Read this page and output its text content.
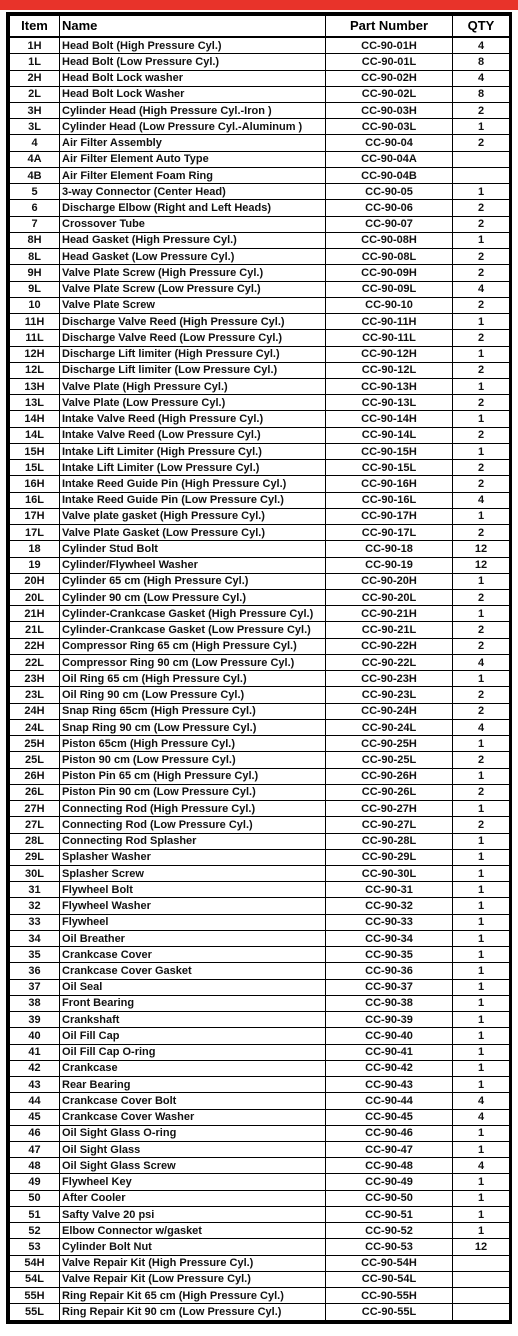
Item	Name	Part Number	QTY
1H	Head Bolt (High Pressure Cyl.)	CC-90-01H	4
1L	Head Bolt (Low Pressure Cyl.)	CC-90-01L	8
2H	Head Bolt Lock washer	CC-90-02H	4
2L	Head Bolt Lock Washer	CC-90-02L	8
3H	Cylinder Head (High Pressure Cyl.-Iron )	CC-90-03H	2
3L	Cylinder Head (Low Pressure Cyl.-Aluminum )	CC-90-03L	1
4	Air Filter Assembly	CC-90-04	2
4A	Air Filter Element Auto Type	CC-90-04A	
4B	Air Filter Element Foam Ring	CC-90-04B	
5	3-way Connector (Center Head)	CC-90-05	1
6	Discharge Elbow (Right and Left Heads)	CC-90-06	2
7	Crossover Tube	CC-90-07	2
8H	Head Gasket (High Pressure Cyl.)	CC-90-08H	1
8L	Head Gasket (Low Pressure Cyl.)	CC-90-08L	2
9H	Valve Plate Screw (High Pressure Cyl.)	CC-90-09H	2
9L	Valve Plate Screw (Low Pressure Cyl.)	CC-90-09L	4
10	Valve Plate Screw	CC-90-10	2
11H	Discharge Valve Reed (High Pressure Cyl.)	CC-90-11H	1
11L	Discharge Valve Reed (Low Pressure Cyl.)	CC-90-11L	2
12H	Discharge Lift limiter (High Pressure Cyl.)	CC-90-12H	1
12L	Discharge Lift limiter (Low Pressure Cyl.)	CC-90-12L	2
13H	Valve Plate (High Pressure Cyl.)	CC-90-13H	1
13L	Valve Plate (Low Pressure Cyl.)	CC-90-13L	2
14H	Intake Valve Reed (High Pressure Cyl.)	CC-90-14H	1
14L	Intake Valve Reed (Low Pressure Cyl.)	CC-90-14L	2
15H	Intake Lift Limiter (High Pressure Cyl.)	CC-90-15H	1
15L	Intake Lift Limiter (Low Pressure Cyl.)	CC-90-15L	2
16H	Intake Reed Guide Pin (High Pressure Cyl.)	CC-90-16H	2
16L	Intake Reed Guide Pin (Low Pressure Cyl.)	CC-90-16L	4
17H	Valve plate gasket (High Pressure Cyl.)	CC-90-17H	1
17L	Valve Plate Gasket (Low Pressure Cyl.)	CC-90-17L	2
18	Cylinder Stud Bolt	CC-90-18	12
19	Cylinder/Flywheel Washer	CC-90-19	12
20H	Cylinder 65 cm (High Pressure Cyl.)	CC-90-20H	1
20L	Cylinder 90 cm (Low Pressure Cyl.)	CC-90-20L	2
21H	Cylinder-Crankcase Gasket (High Pressure Cyl.)	CC-90-21H	1
21L	Cylinder-Crankcase Gasket (Low Pressure Cyl.)	CC-90-21L	2
22H	Compressor Ring 65 cm (High Pressure Cyl.)	CC-90-22H	2
22L	Compressor Ring 90 cm (Low Pressure Cyl.)	CC-90-22L	4
23H	Oil Ring 65 cm (High Pressure Cyl.)	CC-90-23H	1
23L	Oil Ring 90 cm (Low Pressure Cyl.)	CC-90-23L	2
24H	Snap Ring 65cm (High Pressure Cyl.)	CC-90-24H	2
24L	Snap Ring 90 cm (Low Pressure Cyl.)	CC-90-24L	4
25H	Piston 65cm (High Pressure Cyl.)	CC-90-25H	1
25L	Piston 90 cm (Low Pressure Cyl.)	CC-90-25L	2
26H	Piston Pin 65 cm (High Pressure Cyl.)	CC-90-26H	1
26L	Piston Pin 90 cm (Low Pressure Cyl.)	CC-90-26L	2
27H	Connecting Rod (High Pressure Cyl.)	CC-90-27H	1
27L	Connecting Rod (Low Pressure Cyl.)	CC-90-27L	2
28L	Connecting Rod Splasher	CC-90-28L	1
29L	Splasher Washer	CC-90-29L	1
30L	Splasher Screw	CC-90-30L	1
31	Flywheel Bolt	CC-90-31	1
32	Flywheel Washer	CC-90-32	1
33	Flywheel	CC-90-33	1
34	Oil Breather	CC-90-34	1
35	Crankcase Cover	CC-90-35	1
36	Crankcase Cover Gasket	CC-90-36	1
37	Oil Seal	CC-90-37	1
38	Front Bearing	CC-90-38	1
39	Crankshaft	CC-90-39	1
40	Oil Fill Cap	CC-90-40	1
41	Oil Fill Cap O-ring	CC-90-41	1
42	Crankcase	CC-90-42	1
43	Rear Bearing	CC-90-43	1
44	Crankcase Cover Bolt	CC-90-44	4
45	Crankcase Cover Washer	CC-90-45	4
46	Oil Sight Glass O-ring	CC-90-46	1
47	Oil Sight Glass	CC-90-47	1
48	Oil Sight Glass Screw	CC-90-48	4
49	Flywheel Key	CC-90-49	1
50	After Cooler	CC-90-50	1
51	Safty Valve 20 psi	CC-90-51	1
52	Elbow Connector w/gasket	CC-90-52	1
53	Cylinder Bolt Nut	CC-90-53	12
54H	Valve Repair Kit (High Pressure Cyl.)	CC-90-54H	
54L	Valve Repair Kit (Low Pressure Cyl.)	CC-90-54L	
55H	Ring Repair Kit 65 cm (High Pressure Cyl.)	CC-90-55H	
55L	Ring Repair Kit 90 cm (Low Pressure Cyl.)	CC-90-55L	
